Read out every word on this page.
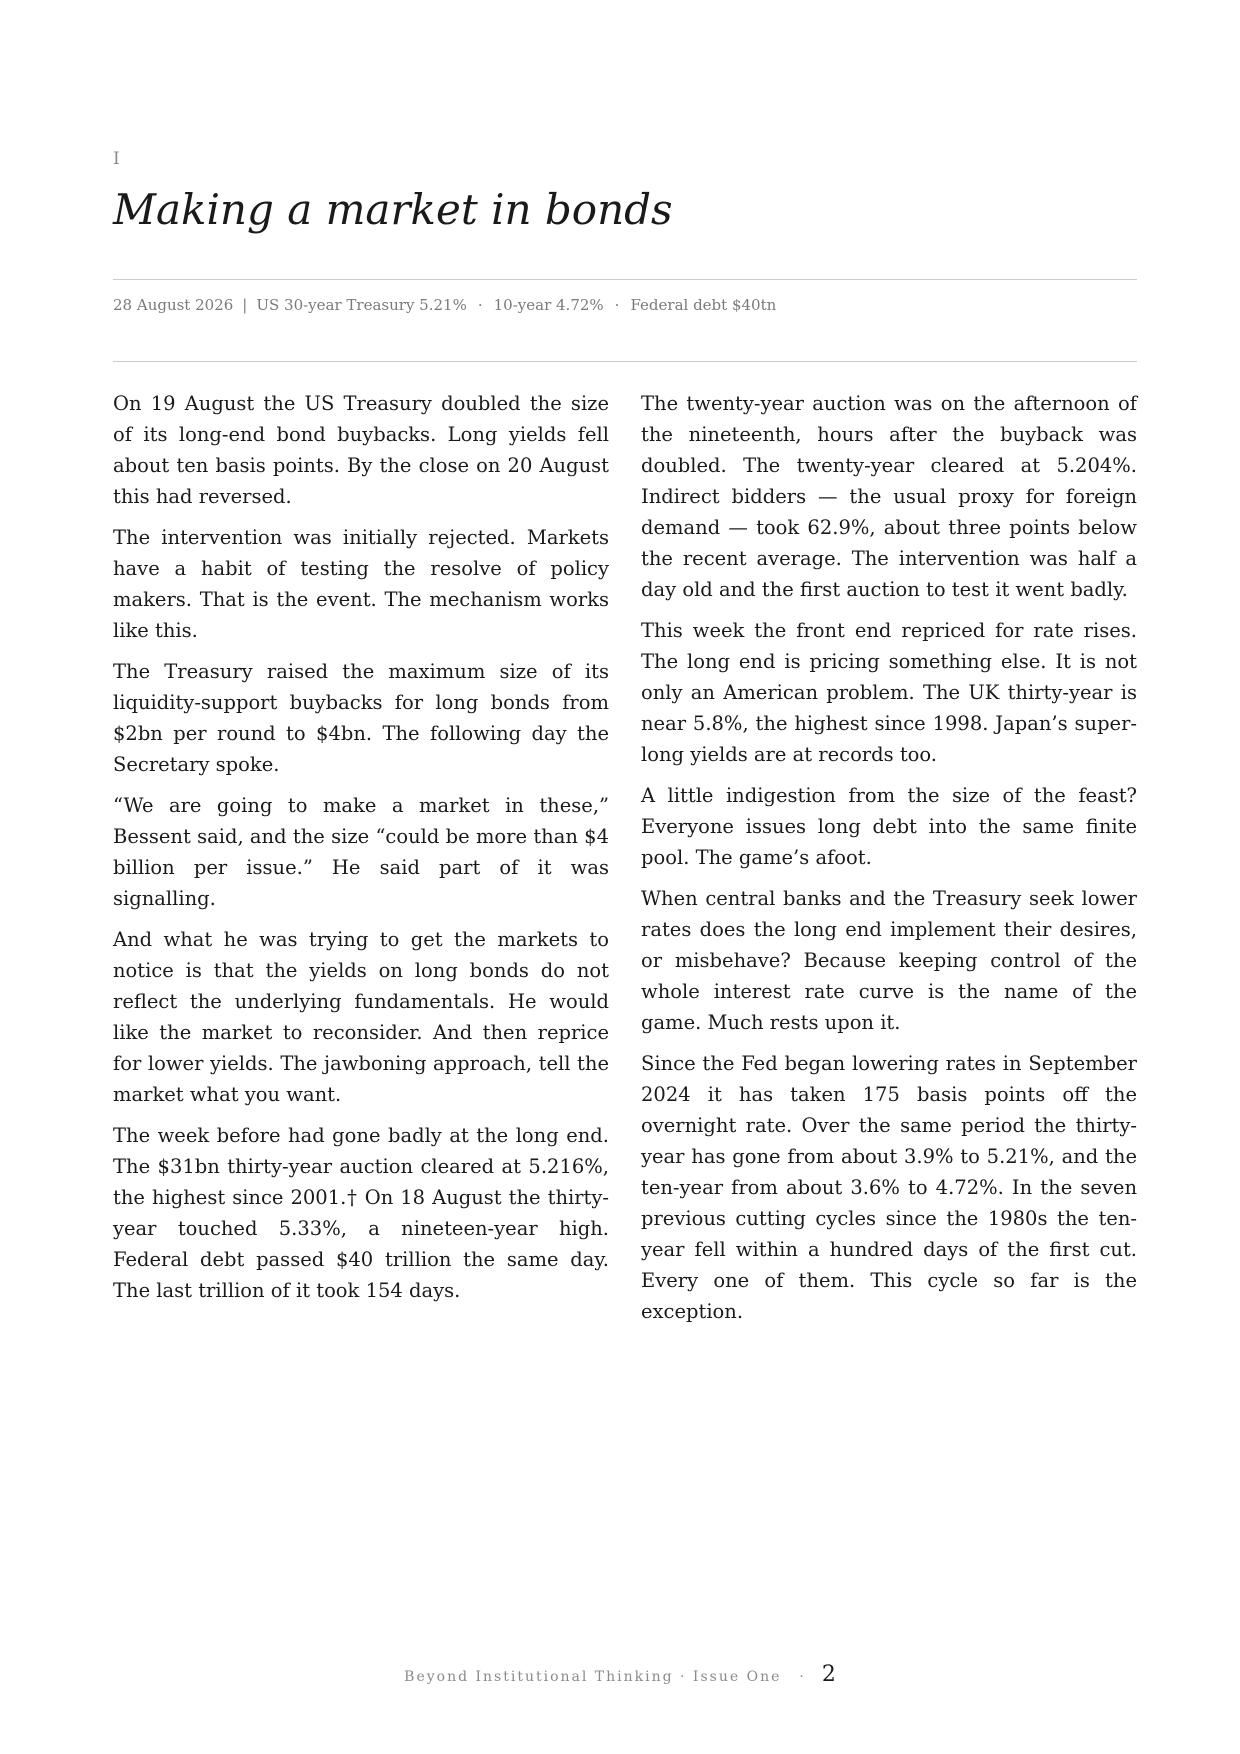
I
Making a market in bonds
28 August 2026 | US 30-year Treasury 5.21% · 10-year 4.72% · Federal debt $40tn

On 19 August the US Treasury doubled the size of its long-end bond buybacks. Long yields fell about ten basis points. By the close on 20 August this had reversed.

The intervention was initially rejected. Markets have a habit of testing the resolve of policy makers. That is the event. The mechanism works like this.

The Treasury raised the maximum size of its liquidity-support buybacks for long bonds from $2bn per round to $4bn. The following day the Secretary spoke.

“We are going to make a market in these,” Bessent said, and the size “could be more than $4 billion per issue.” He said part of it was signalling.

And what he was trying to get the markets to notice is that the yields on long bonds do not reflect the underlying fundamentals. He would like the market to reconsider. And then reprice for lower yields. The jawboning approach, tell the market what you want.

The week before had gone badly at the long end. The $31bn thirty-year auction cleared at 5.216%, the highest since 2001.† On 18 August the thirty-year touched 5.33%, a nineteen-year high. Federal debt passed $40 trillion the same day. The last trillion of it took 154 days.

The twenty-year auction was on the afternoon of the nineteenth, hours after the buyback was doubled. The twenty-year cleared at 5.204%. Indirect bidders — the usual proxy for foreign demand — took 62.9%, about three points below the recent average. The intervention was half a day old and the first auction to test it went badly.

This week the front end repriced for rate rises. The long end is pricing something else. It is not only an American problem. The UK thirty-year is near 5.8%, the highest since 1998. Japan’s super-long yields are at records too.

A little indigestion from the size of the feast? Everyone issues long debt into the same finite pool. The game’s afoot.

When central banks and the Treasury seek lower rates does the long end implement their desires, or misbehave? Because keeping control of the whole interest rate curve is the name of the game. Much rests upon it.

Since the Fed began lowering rates in September 2024 it has taken 175 basis points off the overnight rate. Over the same period the thirty-year has gone from about 3.9% to 5.21%, and the ten-year from about 3.6% to 4.72%. In the seven previous cutting cycles since the 1980s the ten-year fell within a hundred days of the first cut. Every one of them. This cycle so far is the exception.

Beyond Institutional Thinking · Issue One · 2
